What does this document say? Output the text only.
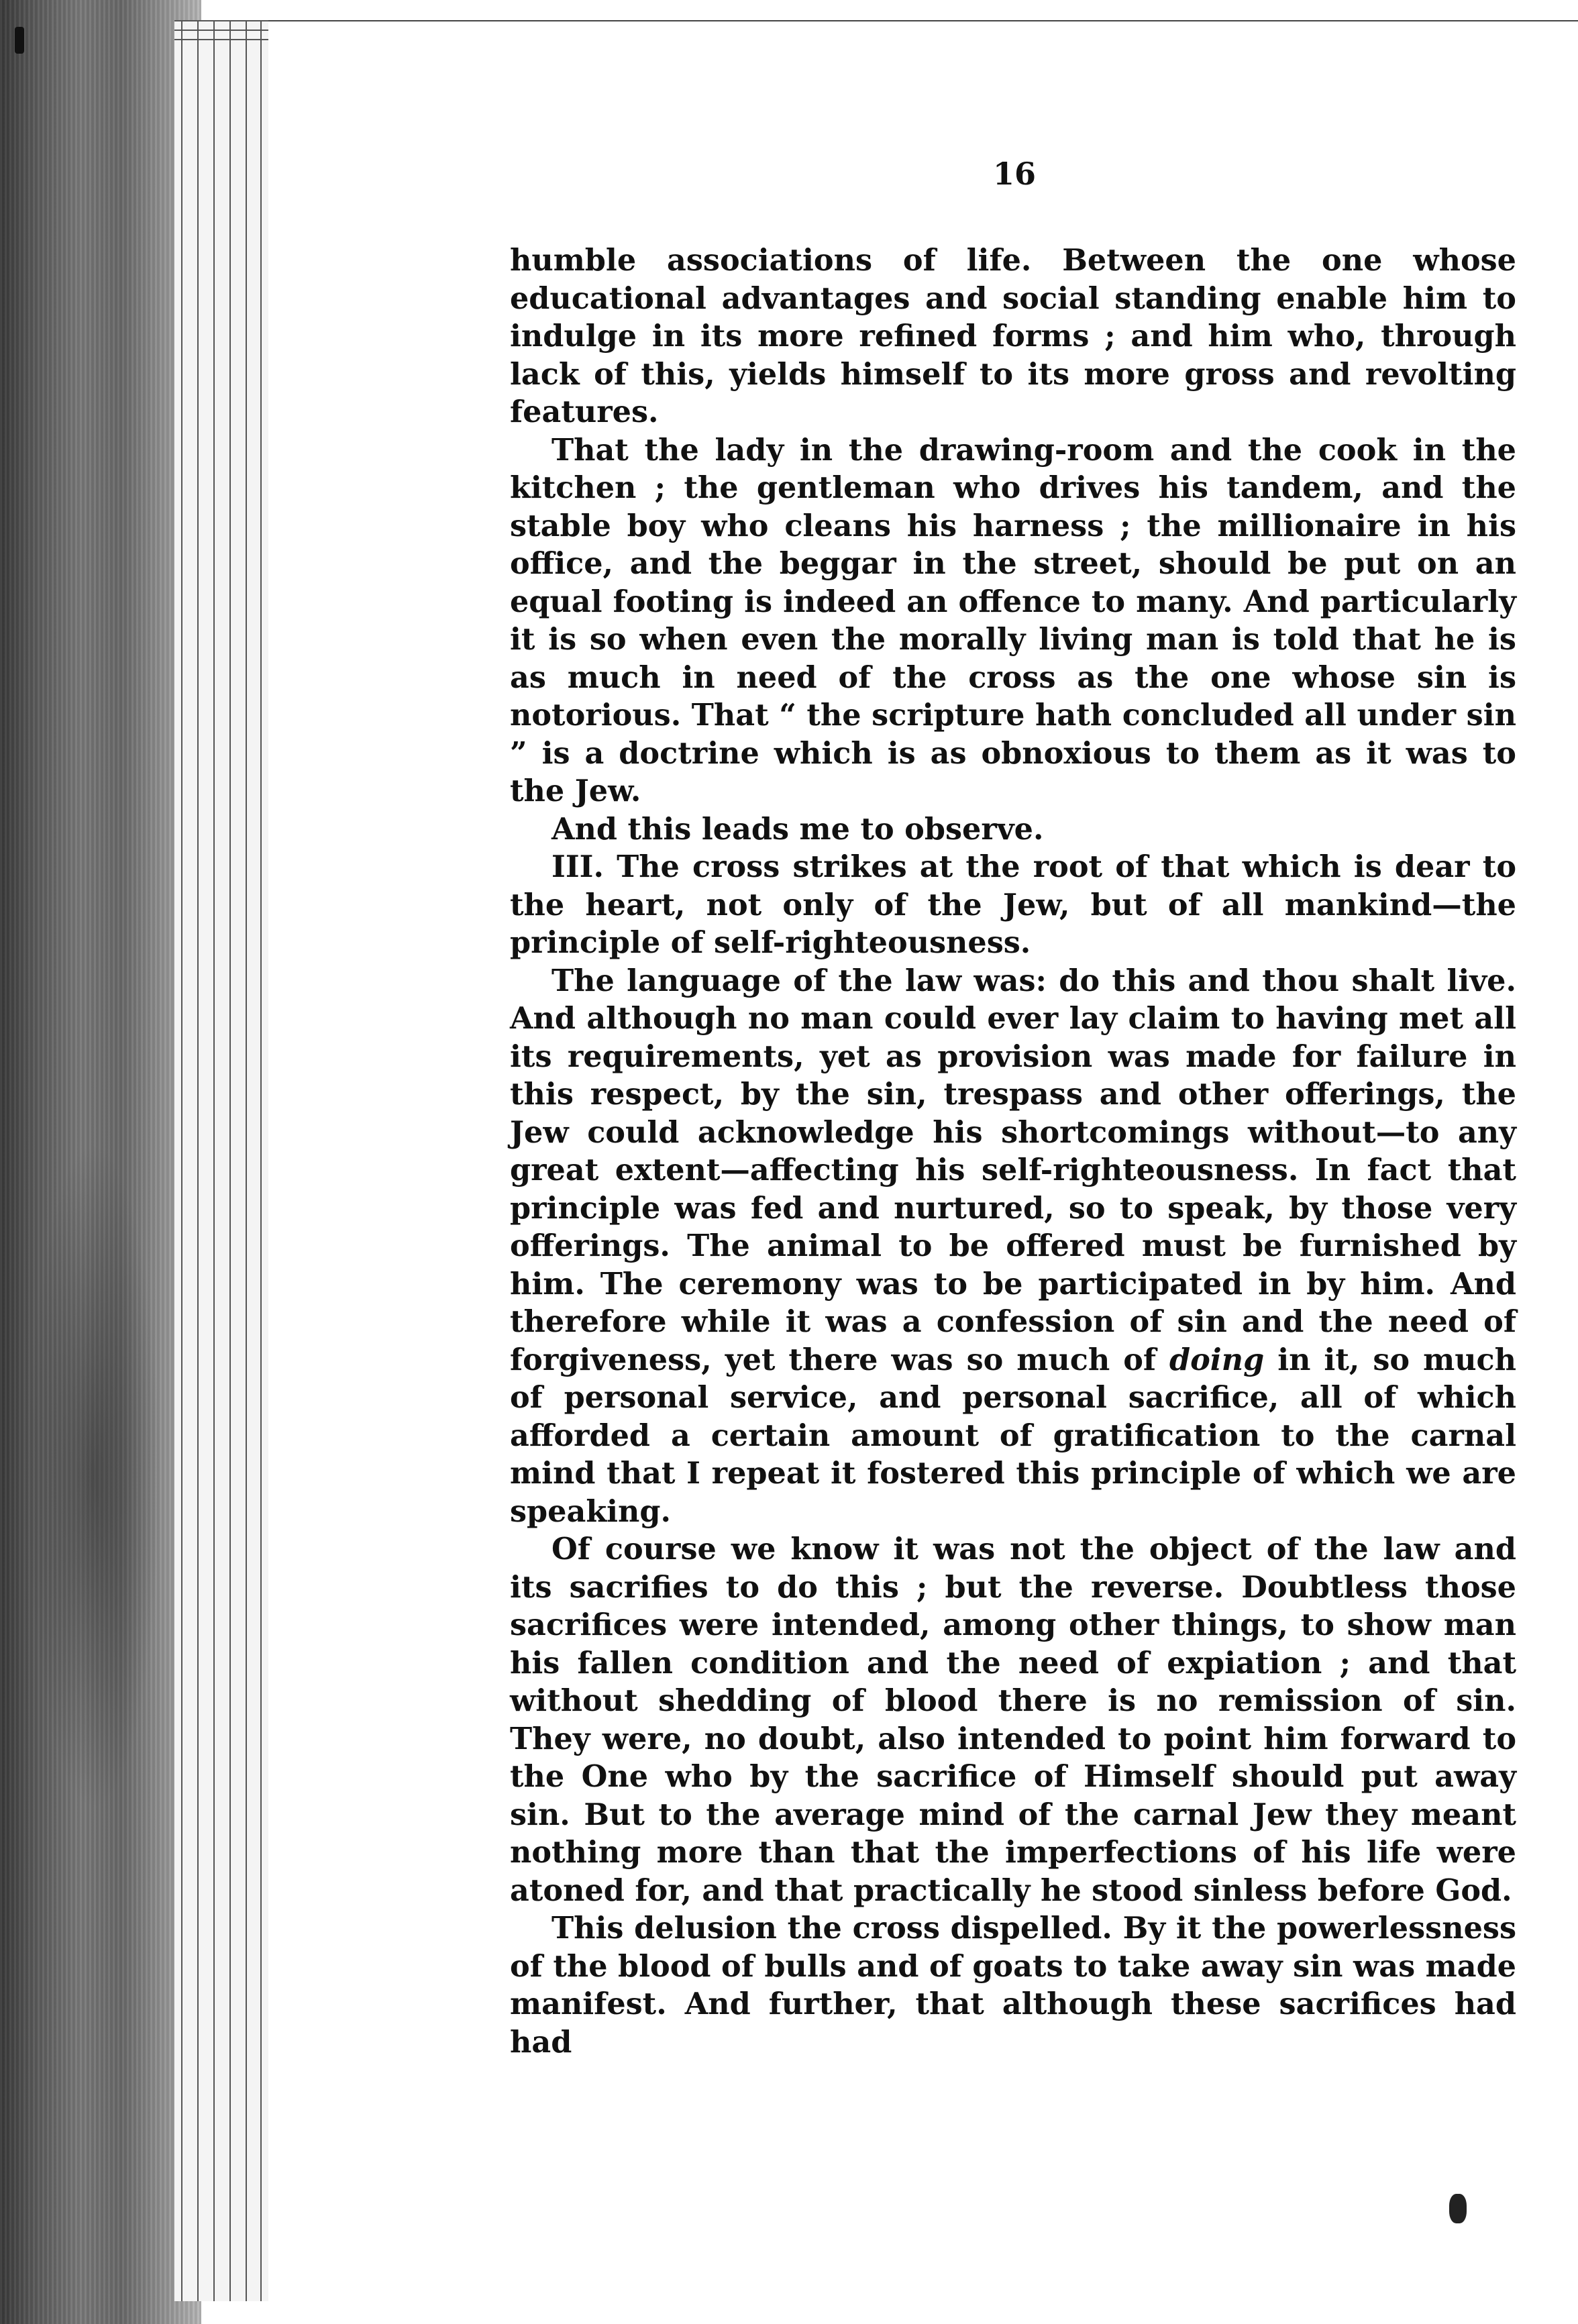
16

humble associations of life. Between the one whose educational advantages and social standing enable him to indulge in its more refined forms ; and him who, through lack of this, yields himself to its more gross and revolting features.

That the lady in the drawing-room and the cook in the kitchen ; the gentleman who drives his tandem, and the stable boy who cleans his harness ; the millionaire in his office, and the beggar in the street, should be put on an equal footing is indeed an offence to many. And particularly it is so when even the morally living man is told that he is as much in need of the cross as the one whose sin is notorious. That “ the scripture hath concluded all under sin ” is a doctrine which is as obnoxious to them as it was to the Jew.

And this leads me to observe.

III. The cross strikes at the root of that which is dear to the heart, not only of the Jew, but of all mankind—the principle of self-righteousness.

The language of the law was: do this and thou shalt live. And although no man could ever lay claim to having met all its requirements, yet as provision was made for failure in this respect, by the sin, trespass and other offerings, the Jew could acknowledge his shortcomings without—to any great extent—affecting his self-righteousness. In fact that principle was fed and nurtured, so to speak, by those very offerings. The animal to be offered must be furnished by him. The ceremony was to be participated in by him. And therefore while it was a confession of sin and the need of forgiveness, yet there was so much of doing in it, so much of personal service, and personal sacrifice, all of which afforded a certain amount of gratification to the carnal mind that I repeat it fostered this principle of which we are speaking.

Of course we know it was not the object of the law and its sacrifies to do this ; but the reverse. Doubtless those sacrifices were intended, among other things, to show man his fallen condition and the need of expiation ; and that without shedding of blood there is no remission of sin. They were, no doubt, also intended to point him forward to the One who by the sacrifice of Himself should put away sin. But to the average mind of the carnal Jew they meant nothing more than that the imperfections of his life were atoned for, and that practically he stood sinless before God.

This delusion the cross dispelled. By it the powerlessness of the blood of bulls and of goats to take away sin was made manifest. And further, that although these sacrifices had had
